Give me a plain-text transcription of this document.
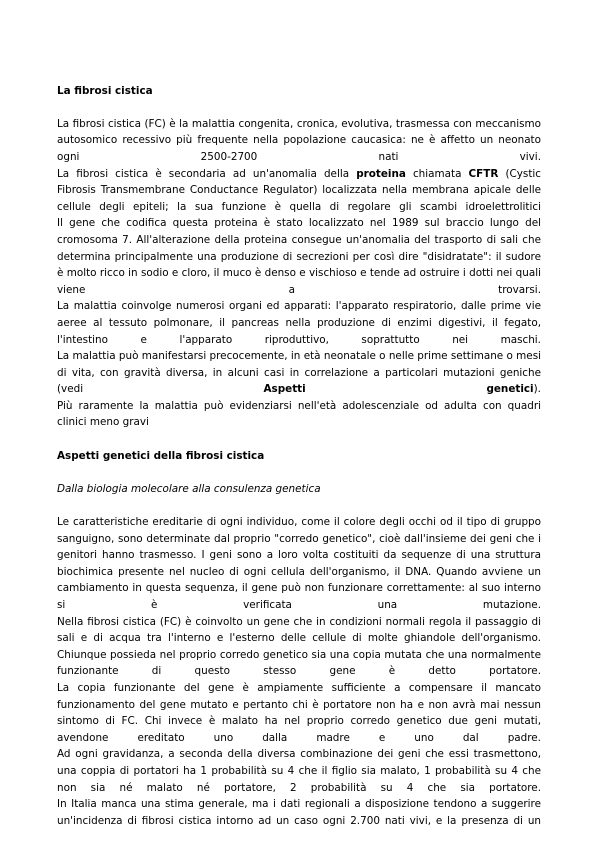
La fibrosi cistica

La fibrosi cistica (FC) è la malattia congenita, cronica, evolutiva, trasmessa con meccanismo autosomico recessivo più frequente nella popolazione caucasica: ne è affetto un neonato ogni 2500-2700 nati vivi.

La fibrosi cistica è secondaria ad un'anomalia della proteina chiamata CFTR (Cystic Fibrosis Transmembrane Conductance Regulator) localizzata nella membrana apicale delle cellule degli epiteli; la sua funzione è quella di regolare gli scambi idroelettrolitici

Il gene che codifica questa proteina è stato localizzato nel 1989 sul braccio lungo del cromosoma 7. All'alterazione della proteina consegue un'anomalia del trasporto di sali che determina principalmente una produzione di secrezioni per così dire "disidratate": il sudore è molto ricco in sodio e cloro, il muco è denso e vischioso e tende ad ostruire i dotti nei quali viene a trovarsi.

La malattia coinvolge numerosi organi ed apparati: l'apparato respiratorio, dalle prime vie aeree al tessuto polmonare, il pancreas nella produzione di enzimi digestivi, il fegato, l'intestino e l'apparato riproduttivo, soprattutto nei maschi.

La malattia può manifestarsi precocemente, in età neonatale o nelle prime settimane o mesi di vita, con gravità diversa, in alcuni casi in correlazione a particolari mutazioni geniche (vedi Aspetti genetici).

Più raramente la malattia può evidenziarsi nell'età adolescenziale od adulta con quadri clinici meno gravi

Aspetti genetici della fibrosi cistica
Dalla biologia molecolare alla consulenza genetica

Le caratteristiche ereditarie di ogni individuo, come il colore degli occhi od il tipo di gruppo sanguigno, sono determinate dal proprio "corredo genetico", cioè dall'insieme dei geni che i genitori hanno trasmesso. I geni sono a loro volta costituiti da sequenze di una struttura biochimica presente nel nucleo di ogni cellula dell'organismo, il DNA. Quando avviene un cambiamento in questa sequenza, il gene può non funzionare correttamente: al suo interno si è verificata una mutazione.

Nella fibrosi cistica (FC) è coinvolto un gene che in condizioni normali regola il passaggio di sali e di acqua tra l'interno e l'esterno delle cellule di molte ghiandole dell'organismo. Chiunque possieda nel proprio corredo genetico sia una copia mutata che una normalmente funzionante di questo stesso gene è detto portatore.

La copia funzionante del gene è ampiamente sufficiente a compensare il mancato funzionamento del gene mutato e pertanto chi è portatore non ha e non avrà mai nessun sintomo di FC. Chi invece è malato ha nel proprio corredo genetico due geni mutati, avendone ereditato uno dalla madre e uno dal padre.

Ad ogni gravidanza, a seconda della diversa combinazione dei geni che essi trasmettono, una coppia di portatori ha 1 probabilità su 4 che il figlio sia malato, 1 probabilità su 4 che non sia né malato né portatore, 2 probabilità su 4 che sia portatore.

In Italia manca una stima generale, ma i dati regionali a disposizione tendono a suggerire un'incidenza di fibrosi cistica intorno ad un caso ogni 2.700 nati vivi, e la presenza di un
